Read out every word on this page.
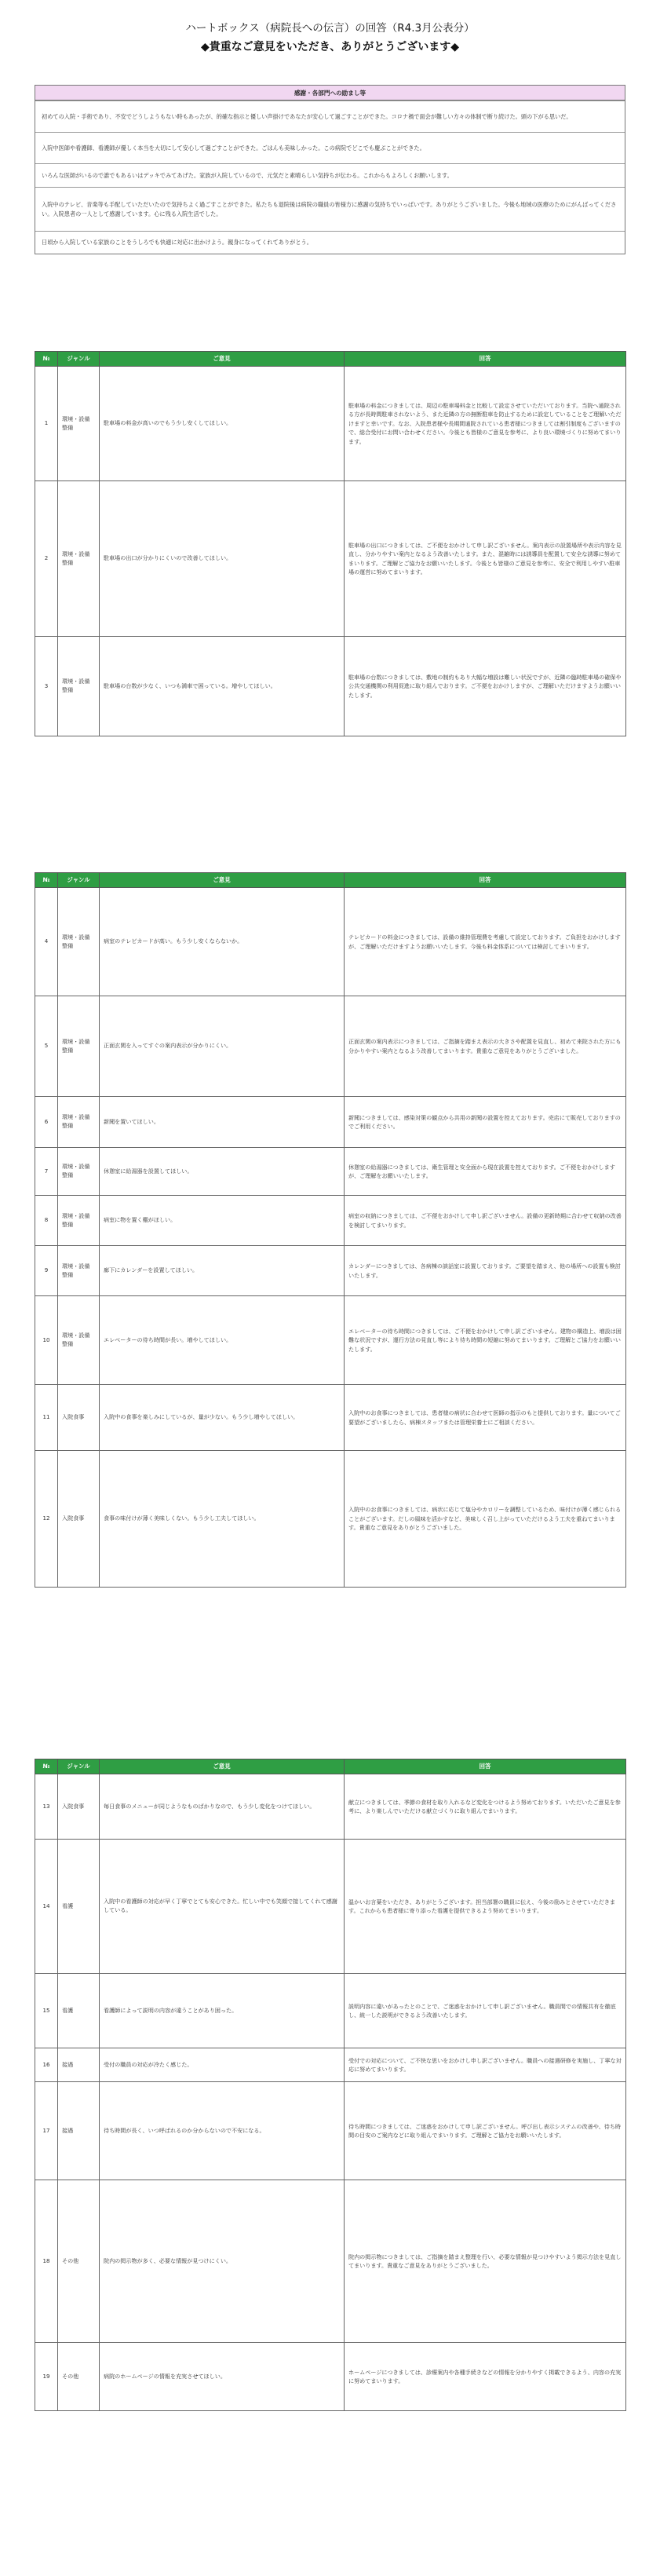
ハートボックス（病院長への伝言）の回答（R4.3月公表分）
◆貴重なご意見をいただき、ありがとうございます◆
感謝・各部門への励まし等
初めての入院・手術であり、不安でどうしようもない時もあったが、的確な指示と優しい声掛けであなたが安心して過ごすことができた。コロナ禍で面会が難しい方々の体制で断り続けた。頭の下がる思いだ。
入院中医師や看護師、看護師が優しく本当を大切にして安心して過ごすことができた。ごはんも美味しかった。この病院でどこでも慶ぶことができた。
いろんな医師がいるので誰でもあるいはデッキでみてあげた。家族が入院しているので、元気だと素晴らしい気持ちが伝わる。これからもよろしくお願いします。
入院中のテレビ、音楽等も手配していただいたので気持ちよく過ごすことができた。私たちも退院後は病院の職員の皆様方に感謝の気持ちでいっぱいです。ありがとうございました。今後も地域の医療のためにがんばってください。入院患者の一人として感謝しています。心に残る入院生活でした。
日頃から入院している家族のことをうしろでも快適に対応に出かけよう。親身になってくれてありがとう。
№	ジャンル	ご意見	回答
1	環境・設備整備	駐車場の料金が高いのでもう少し安くしてほしい。	駐車場の料金につきましては、周辺の駐車場料金と比較して設定させていただいております。当院へ通院される方が長時間駐車されないよう、また近隣の方の無断駐車を防止するために設定していることをご理解いただけますと幸いです。なお、入院患者様や長期間通院されている患者様につきましては割引制度もございますので、総合受付にお問い合わせください。今後とも皆様のご意見を参考に、より良い環境づくりに努めてまいります。
2	環境・設備整備	駐車場の出口が分かりにくいので改善してほしい。	駐車場の出口につきましては、ご不便をおかけして申し訳ございません。案内表示の設置場所や表示内容を見直し、分かりやすい案内となるよう改善いたします。また、混雑時には誘導員を配置して安全な誘導に努めてまいります。ご理解とご協力をお願いいたします。今後とも皆様のご意見を参考に、安全で利用しやすい駐車場の運営に努めてまいります。
3	環境・設備整備	駐車場の台数が少なく、いつも満車で困っている。増やしてほしい。	駐車場の台数につきましては、敷地の制約もあり大幅な増設は難しい状況ですが、近隣の臨時駐車場の確保や公共交通機関の利用促進に取り組んでおります。ご不便をおかけしますが、ご理解いただけますようお願いいたします。
№	ジャンル	ご意見	回答
4	環境・設備整備	病室のテレビカードが高い。もう少し安くならないか。	テレビカードの料金につきましては、設備の維持管理費を考慮して設定しております。ご負担をおかけしますが、ご理解いただけますようお願いいたします。今後も料金体系については検討してまいります。
5	環境・設備整備	正面玄関を入ってすぐの案内表示が分かりにくい。	正面玄関の案内表示につきましては、ご指摘を踏まえ表示の大きさや配置を見直し、初めて来院された方にも分かりやすい案内となるよう改善してまいります。貴重なご意見をありがとうございました。
6	環境・設備整備	新聞を置いてほしい。	新聞につきましては、感染対策の観点から共用の新聞の設置を控えております。売店にて販売しておりますのでご利用ください。
7	環境・設備整備	休憩室に給湯器を設置してほしい。	休憩室の給湯器につきましては、衛生管理と安全面から現在設置を控えております。ご不便をおかけしますが、ご理解をお願いいたします。
8	環境・設備整備	病室に物を置く棚がほしい。	病室の収納につきましては、ご不便をおかけして申し訳ございません。設備の更新時期に合わせて収納の改善を検討してまいります。
9	環境・設備整備	廊下にカレンダーを設置してほしい。	カレンダーにつきましては、各病棟の談話室に設置しております。ご要望を踏まえ、他の場所への設置も検討いたします。
10	環境・設備整備	エレベーターの待ち時間が長い。増やしてほしい。	エレベーターの待ち時間につきましては、ご不便をおかけして申し訳ございません。建物の構造上、増設は困難な状況ですが、運行方法の見直し等により待ち時間の短縮に努めてまいります。ご理解とご協力をお願いいたします。
11	入院食事	入院中の食事を楽しみにしているが、量が少ない。もう少し増やしてほしい。	入院中のお食事につきましては、患者様の病状に合わせて医師の指示のもと提供しております。量についてご要望がございましたら、病棟スタッフまたは管理栄養士にご相談ください。
12	入院食事	食事の味付けが薄く美味しくない。もう少し工夫してほしい。	入院中のお食事につきましては、病状に応じて塩分やカロリーを調整しているため、味付けが薄く感じられることがございます。だしの風味を活かすなど、美味しく召し上がっていただけるよう工夫を重ねてまいります。貴重なご意見をありがとうございました。
№	ジャンル	ご意見	回答
13	入院食事	毎日食事のメニューが同じようなものばかりなので、もう少し変化をつけてほしい。	献立につきましては、季節の食材を取り入れるなど変化をつけるよう努めております。いただいたご意見を参考に、より楽しんでいただける献立づくりに取り組んでまいります。
14	看護	入院中の看護師の対応が早く丁寧でとても安心できた。忙しい中でも笑顔で接してくれて感謝している。	温かいお言葉をいただき、ありがとうございます。担当部署の職員に伝え、今後の励みとさせていただきます。これからも患者様に寄り添った看護を提供できるよう努めてまいります。
15	看護	看護師によって説明の内容が違うことがあり困った。	説明内容に違いがあったとのことで、ご迷惑をおかけして申し訳ございません。職員間での情報共有を徹底し、統一した説明ができるよう改善いたします。
16	接遇	受付の職員の対応が冷たく感じた。	受付での対応について、ご不快な思いをおかけし申し訳ございません。職員への接遇研修を実施し、丁寧な対応に努めてまいります。
17	接遇	待ち時間が長く、いつ呼ばれるのか分からないので不安になる。	待ち時間につきましては、ご迷惑をおかけして申し訳ございません。呼び出し表示システムの改善や、待ち時間の目安のご案内などに取り組んでまいります。ご理解とご協力をお願いいたします。
18	その他	院内の掲示物が多く、必要な情報が見つけにくい。	院内の掲示物につきましては、ご指摘を踏まえ整理を行い、必要な情報が見つけやすいよう掲示方法を見直してまいります。貴重なご意見をありがとうございました。
19	その他	病院のホームページの情報を充実させてほしい。	ホームページにつきましては、診療案内や各種手続きなどの情報を分かりやすく掲載できるよう、内容の充実に努めてまいります。
